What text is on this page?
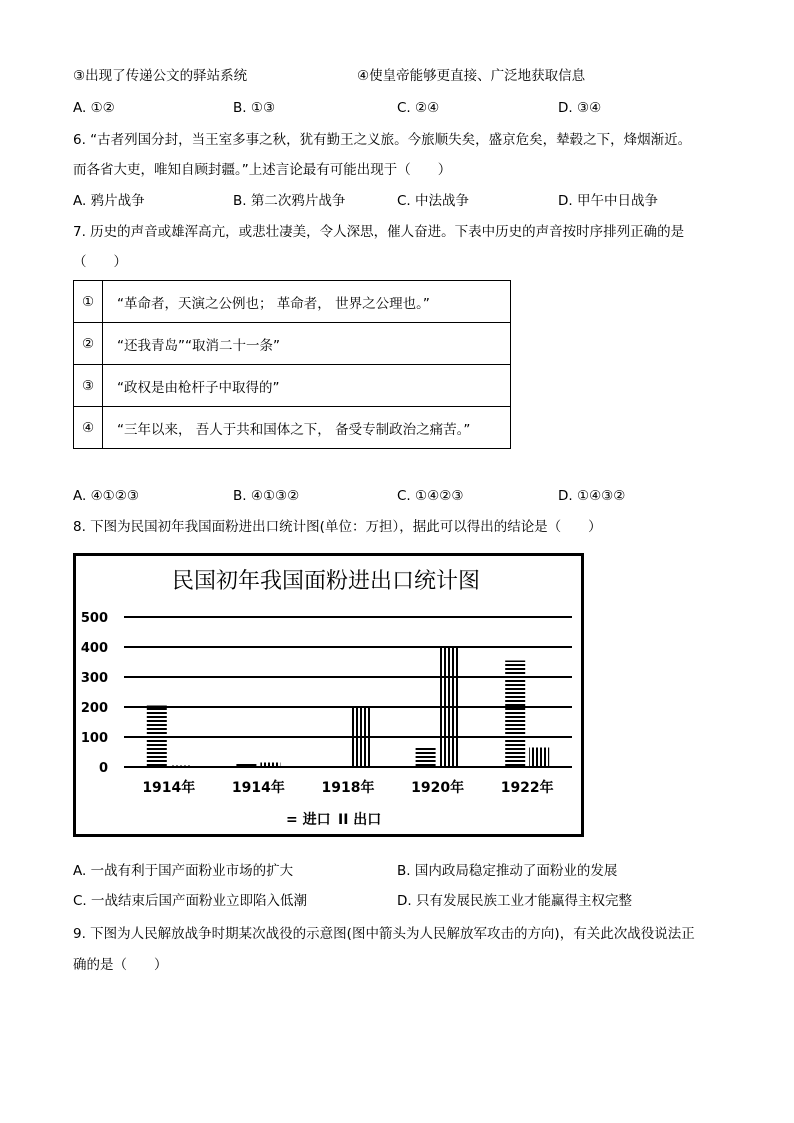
③出现了传递公文的驿站系统	④使皇帝能够更直接、广泛地获取信息
A. ①②	B. ①③	C. ②④	D. ③④
6. “古者列国分封，当王室多事之秋，犹有勤王之义旅。今旅顺失矣，盛京危矣，辇毂之下，烽烟渐近。
而各省大吏，唯知自顾封疆。”上述言论最有可能出现于（　　）
A. 鸦片战争	B. 第二次鸦片战争	C. 中法战争	D. 甲午中日战争
7. 历史的声音或雄浑高亢，或悲壮凄美，令人深思，催人奋进。下表中历史的声音按时序排列正确的是
（　　）
①	“革命者，天演之公例也； 革命者， 世界之公理也。”
②	“还我青岛”“取消二十一条”
③	“政权是由枪杆子中取得的”
④	“三年以来， 吾人于共和国体之下， 备受专制政治之痛苦。”
A. ④①②③	B. ④①③②	C. ①④②③	D. ①④③②
8. 下图为民国初年我国面粉进出口统计图(单位：万担），据此可以得出的结论是（　　）
民国初年我国面粉进出口统计图
500
400
300
200
100
0
1914年	1914年	1918年	1920年	1922年
= 进口 II 出口
A. 一战有利于国产面粉业市场的扩大	B. 国内政局稳定推动了面粉业的发展
C. 一战结束后国产面粉业立即陷入低潮	D. 只有发展民族工业才能赢得主权完整
9. 下图为人民解放战争时期某次战役的示意图(图中箭头为人民解放军攻击的方向)，有关此次战役说法正
确的是（　　）
